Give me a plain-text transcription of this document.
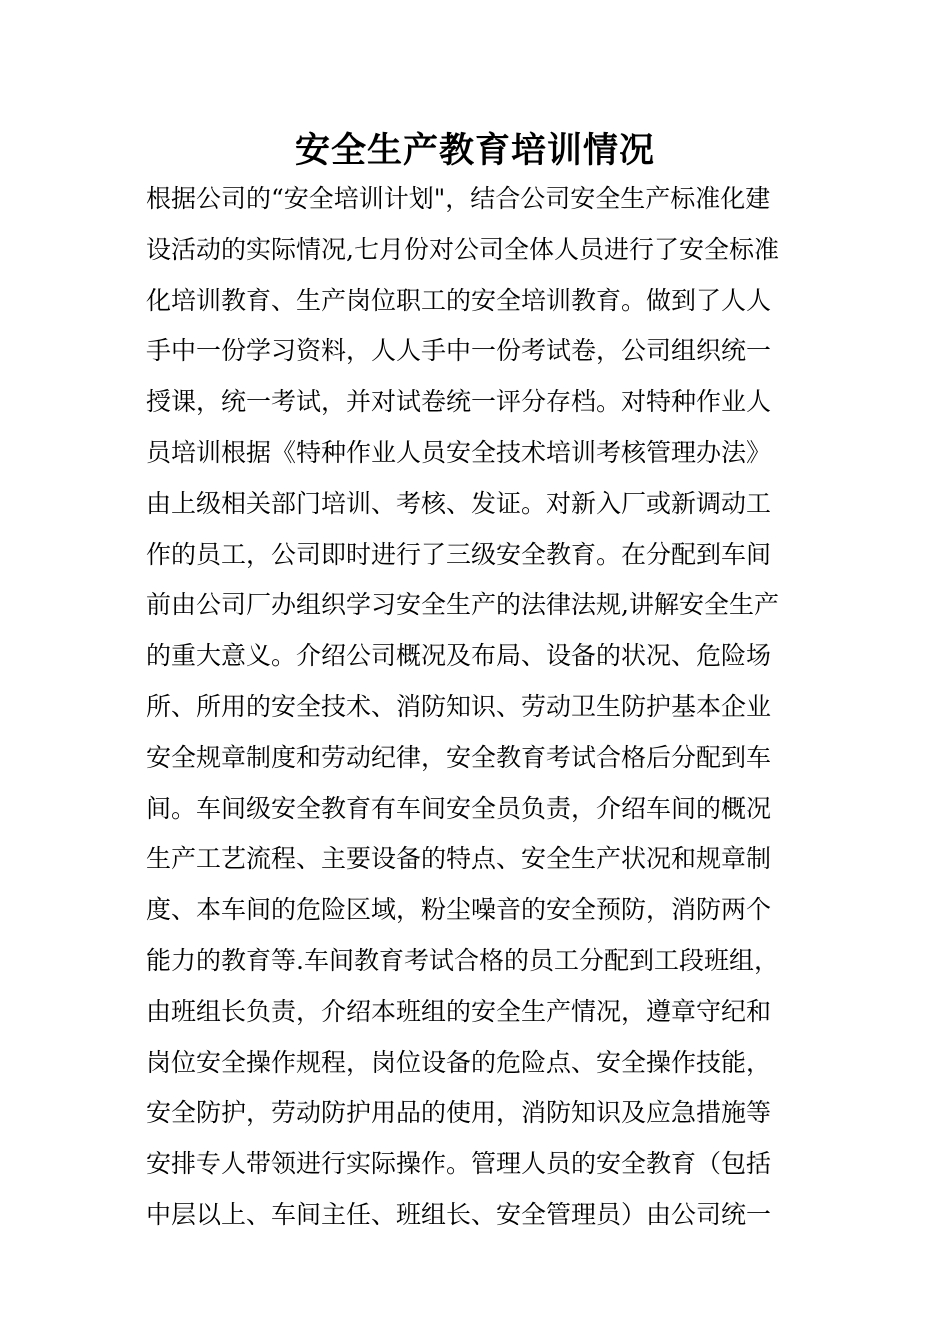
安全生产教育培训情况
根据公司的“安全培训计划"，结合公司安全生产标准化建
设活动的实际情况,七月份对公司全体人员进行了安全标准
化培训教育、生产岗位职工的安全培训教育。做到了人人
手中一份学习资料，人人手中一份考试卷，公司组织统一
授课，统一考试，并对试卷统一评分存档。对特种作业人
员培训根据《特种作业人员安全技术培训考核管理办法》
由上级相关部门培训、考核、发证。对新入厂或新调动工
作的员工，公司即时进行了三级安全教育。在分配到车间
前由公司厂办组织学习安全生产的法律法规,讲解安全生产
的重大意义。介绍公司概况及布局、设备的状况、危险场
所、所用的安全技术、消防知识、劳动卫生防护基本企业
安全规章制度和劳动纪律，安全教育考试合格后分配到车
间。车间级安全教育有车间安全员负责，介绍车间的概况
生产工艺流程、主要设备的特点、安全生产状况和规章制
度、本车间的危险区域，粉尘噪音的安全预防，消防两个
能力的教育等.车间教育考试合格的员工分配到工段班组，
由班组长负责，介绍本班组的安全生产情况，遵章守纪和
岗位安全操作规程，岗位设备的危险点、安全操作技能，
安全防护，劳动防护用品的使用，消防知识及应急措施等
安排专人带领进行实际操作。管理人员的安全教育（包括
中层以上、车间主任、班组长、安全管理员）由公司统一
